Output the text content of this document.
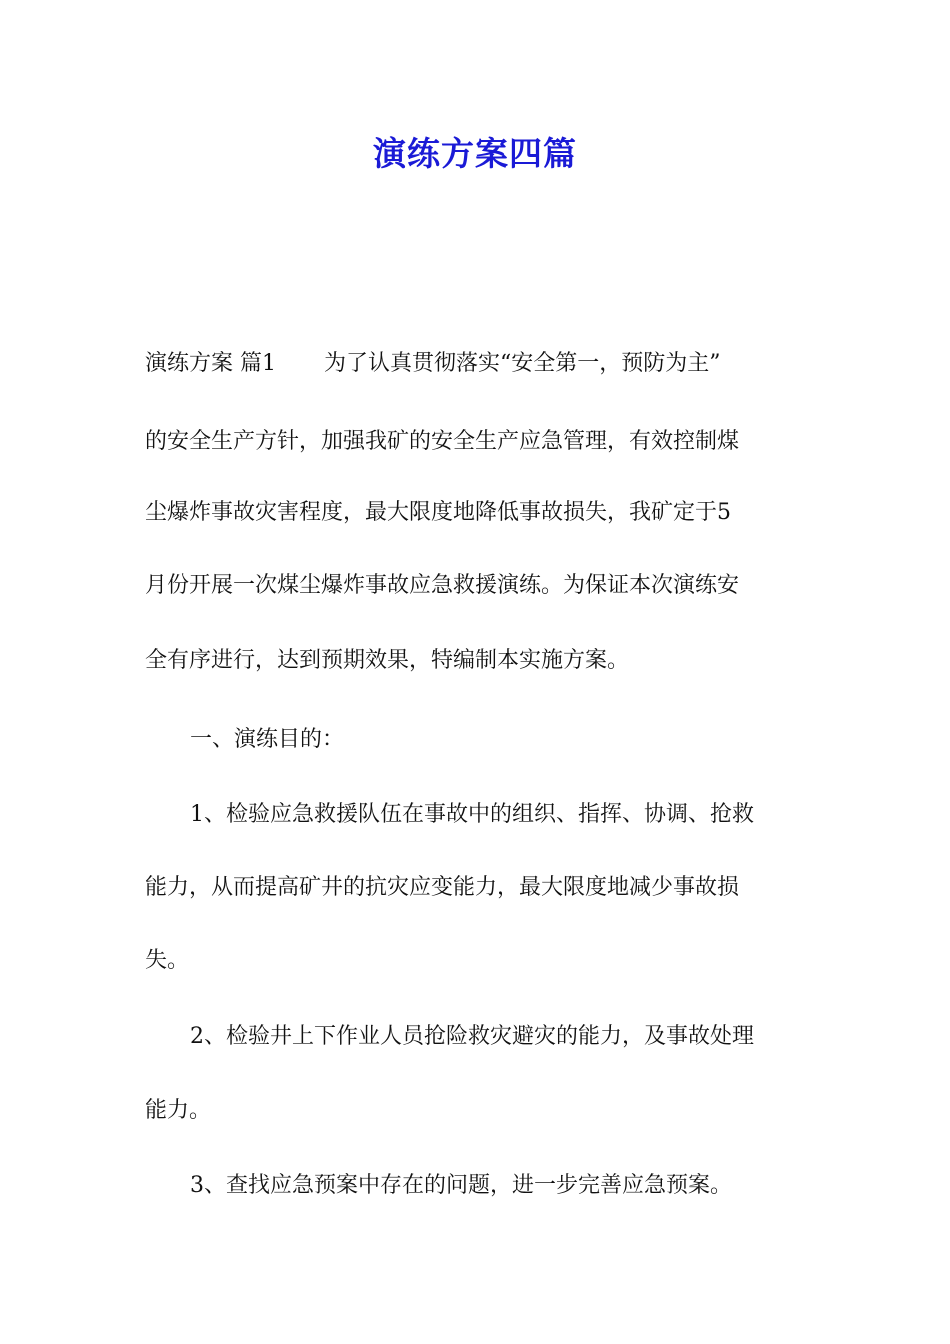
演练方案四篇

演练方案 篇1 为了认真贯彻落实“安全第一，预防为主”

的安全生产方针，加强我矿的安全生产应急管理，有效控制煤

尘爆炸事故灾害程度，最大限度地降低事故损失，我矿定于5

月份开展一次煤尘爆炸事故应急救援演练。为保证本次演练安

全有序进行，达到预期效果，特编制本实施方案。

一、演练目的：

1、检验应急救援队伍在事故中的组织、指挥、协调、抢救

能力，从而提高矿井的抗灾应变能力，最大限度地减少事故损

失。

2、检验井上下作业人员抢险救灾避灾的能力，及事故处理

能力。

3、查找应急预案中存在的问题，进一步完善应急预案。
